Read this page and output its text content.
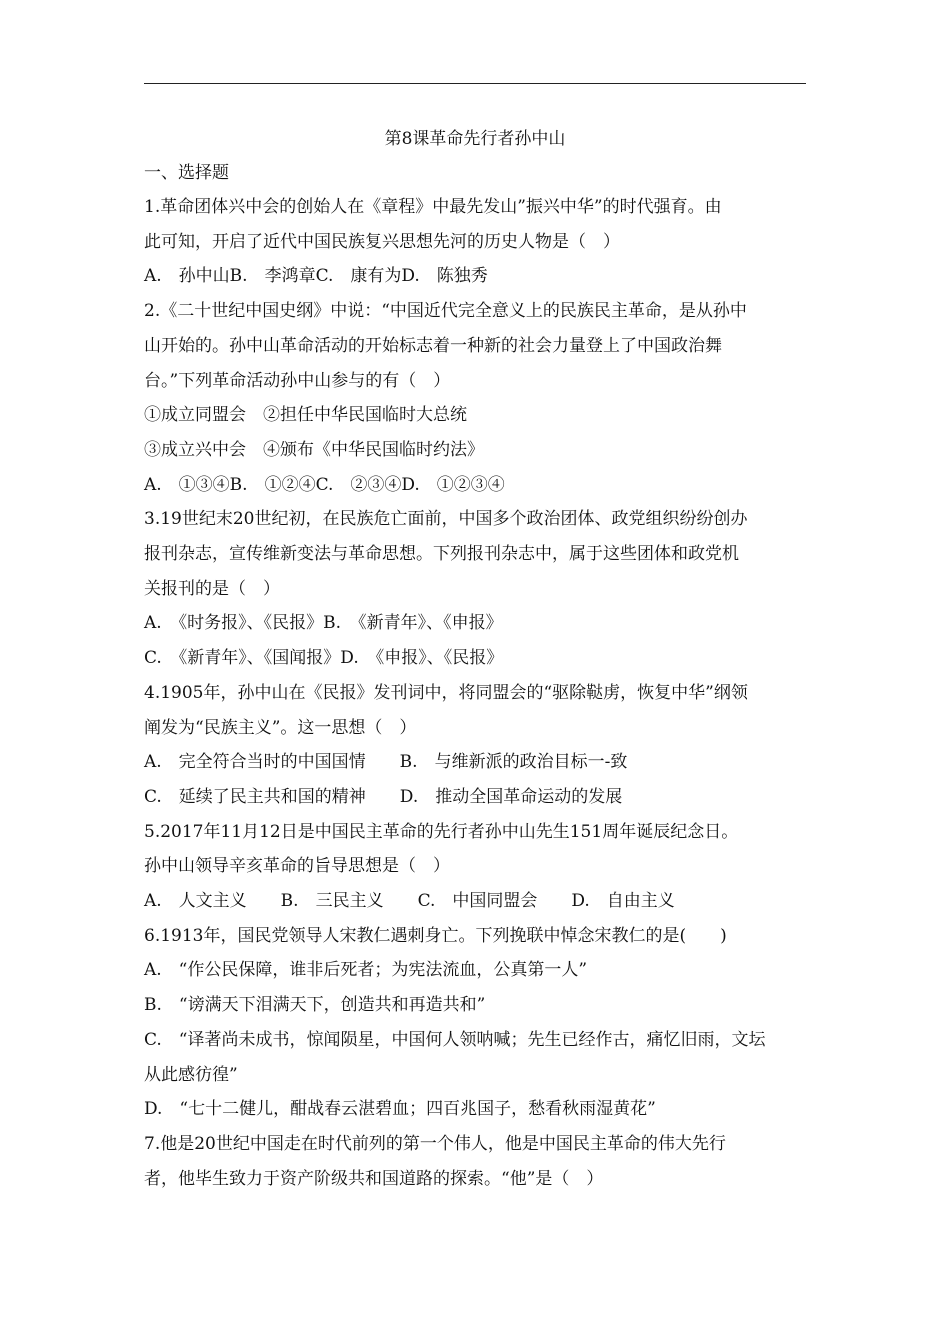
第8课革命先行者孙中山
一、选择题
1.革命团体兴中会的创始人在《章程》中最先发山”振兴中华”的时代强育。由
此可知，开启了近代中国民族复兴思想先河的历史人物是（　）
A.　孙中山B.　李鸿章C.　康有为D.　陈独秀
2.《二十世纪中国史纲》中说：“中国近代完全意义上的民族民主革命，是从孙中
山开始的。孙中山革命活动的开始标志着一种新的社会力量登上了中国政治舞
台。”下列革命活动孙中山参与的有（　）
①成立同盟会　②担任中华民国临时大总统
③成立兴中会　④颁布《中华民国临时约法》
A.　①③④B.　①②④C.　②③④D.　①②③④
3.19世纪末20世纪初，在民族危亡面前，中国多个政治团体、政党组织纷纷创办
报刊杂志，宣传维新变法与革命思想。下列报刊杂志中，属于这些团体和政党机
关报刊的是（　）
A.　《时务报》、《民报》B.　《新青年》、《申报》
C.　《新青年》、《国闻报》D.　《申报》、《民报》
4.1905年，孙中山在《民报》发刊词中，将同盟会的“驱除鞑虏，恢复中华”纲领
阐发为“民族主义”。这一思想（　）
A.　完全符合当时的中国国情　　B.　与维新派的政治目标一-致
C.　延续了民主共和国的精神　　D.　推动全国革命运动的发展
5.2017年11月12日是中国民主革命的先行者孙中山先生151周年诞辰纪念日。
孙中山领导辛亥革命的旨导思想是（　）
A.　人文主义　　B.　三民主义　　C.　中国同盟会　　D.　自由主义
6.1913年，国民党领导人宋教仁遇刺身亡。下列挽联中悼念宋教仁的是(　　)
A.　“作公民保障，谁非后死者；为宪法流血，公真第一人”
B.　“谤满天下泪满天下，创造共和再造共和”
C.　“译著尚未成书，惊闻陨星，中国何人领呐喊；先生已经作古，痛忆旧雨，文坛
从此感彷徨”
D.　“七十二健儿，酣战春云湛碧血；四百兆国子，愁看秋雨湿黄花”
7.他是20世纪中国走在时代前列的第一个伟人，他是中国民主革命的伟大先行
者，他毕生致力于资产阶级共和国道路的探索。“他”是（　）
